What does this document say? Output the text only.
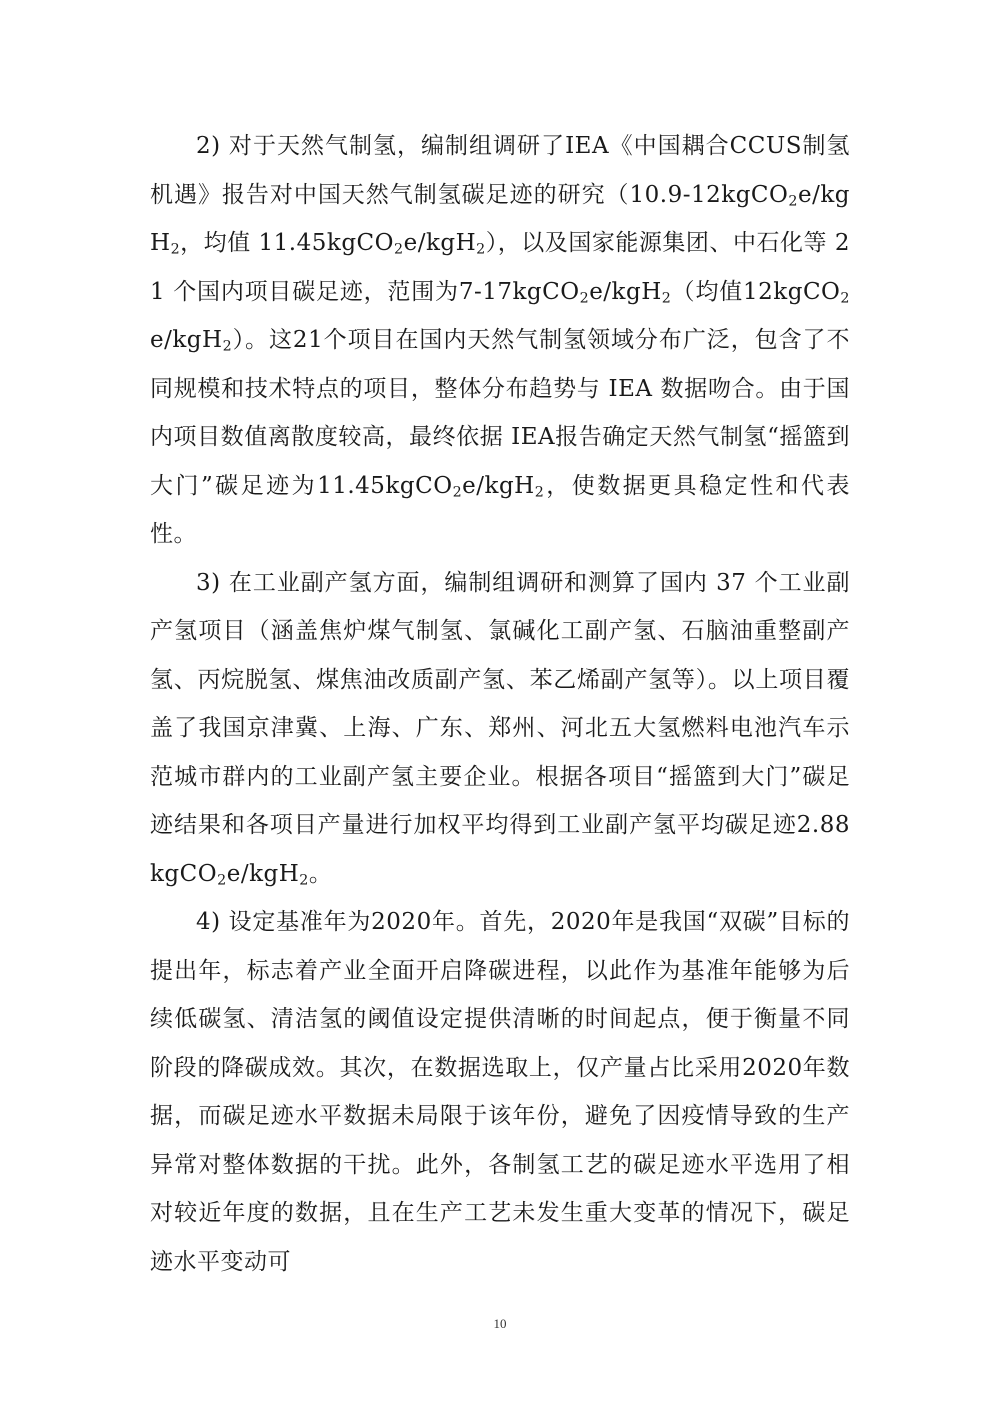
2) 对于天然气制氢，编制组调研了IEA《中国耦合CCUS制氢机遇》报告对中国天然气制氢碳足迹的研究（10.9-12kgCO$_2$e/kgH$_2$，均值 11.45kgCO$_2$e/kgH$_2$），以及国家能源集团、中石化等 21 个国内项目碳足迹，范围为7-17kgCO$_2$e/kgH$_2$（均值12kgCO$_2$e/kgH$_2$）。这21个项目在国内天然气制氢领域分布广泛，包含了不同规模和技术特点的项目，整体分布趋势与 IEA 数据吻合。由于国内项目数值离散度较高，最终依据 IEA报告确定天然气制氢“摇篮到大门”碳足迹为11.45kgCO$_2$e/kgH$_2$，使数据更具稳定性和代表性。

3) 在工业副产氢方面，编制组调研和测算了国内 37 个工业副产氢项目（涵盖焦炉煤气制氢、氯碱化工副产氢、石脑油重整副产氢、丙烷脱氢、煤焦油改质副产氢、苯乙烯副产氢等）。以上项目覆盖了我国京津冀、上海、广东、郑州、河北五大氢燃料电池汽车示范城市群内的工业副产氢主要企业。根据各项目“摇篮到大门”碳足迹结果和各项目产量进行加权平均得到工业副产氢平均碳足迹2.88kgCO$_2$e/kgH$_2$。

4) 设定基准年为2020年。首先，2020年是我国“双碳”目标的提出年，标志着产业全面开启降碳进程，以此作为基准年能够为后续低碳氢、清洁氢的阈值设定提供清晰的时间起点，便于衡量不同阶段的降碳成效。其次，在数据选取上，仅产量占比采用2020年数据，而碳足迹水平数据未局限于该年份，避免了因疫情导致的生产异常对整体数据的干扰。此外，各制氢工艺的碳足迹水平选用了相对较近年度的数据，且在生产工艺未发生重大变革的情况下，碳足迹水平变动可

10
